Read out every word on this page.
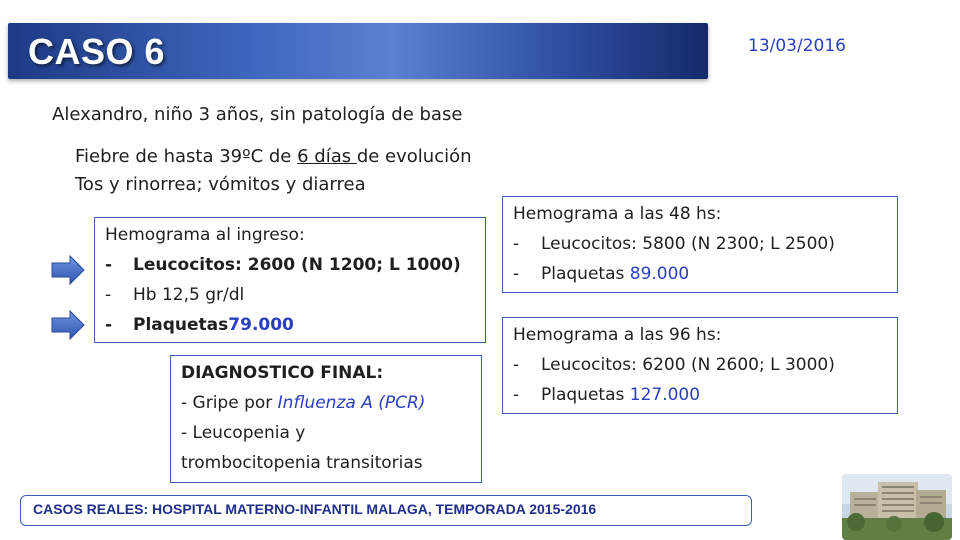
CASO 6	13/03/2016
Alexandro, niño 3 años, sin patología de base
Fiebre de hasta 39ºC de 6 días de evolución
Tos y rinorrea; vómitos y diarrea
Hemograma al ingreso:
-	Leucocitos: 2600 (N 1200; L 1000)
-	Hb 12,5 gr/dl
-	Plaquetas 79.000
Hemograma a las 48 hs:
-	Leucocitos: 5800 (N 2300; L 2500)
-	Plaquetas 89.000
Hemograma a las 96 hs:
-	Leucocitos: 6200 (N 2600; L 3000)
-	Plaquetas 127.000
DIAGNOSTICO FINAL:
- Gripe por Influenza A (PCR)
- Leucopenia y
trombocitopenia transitorias
CASOS REALES: HOSPITAL MATERNO-INFANTIL MALAGA, TEMPORADA 2015-2016
